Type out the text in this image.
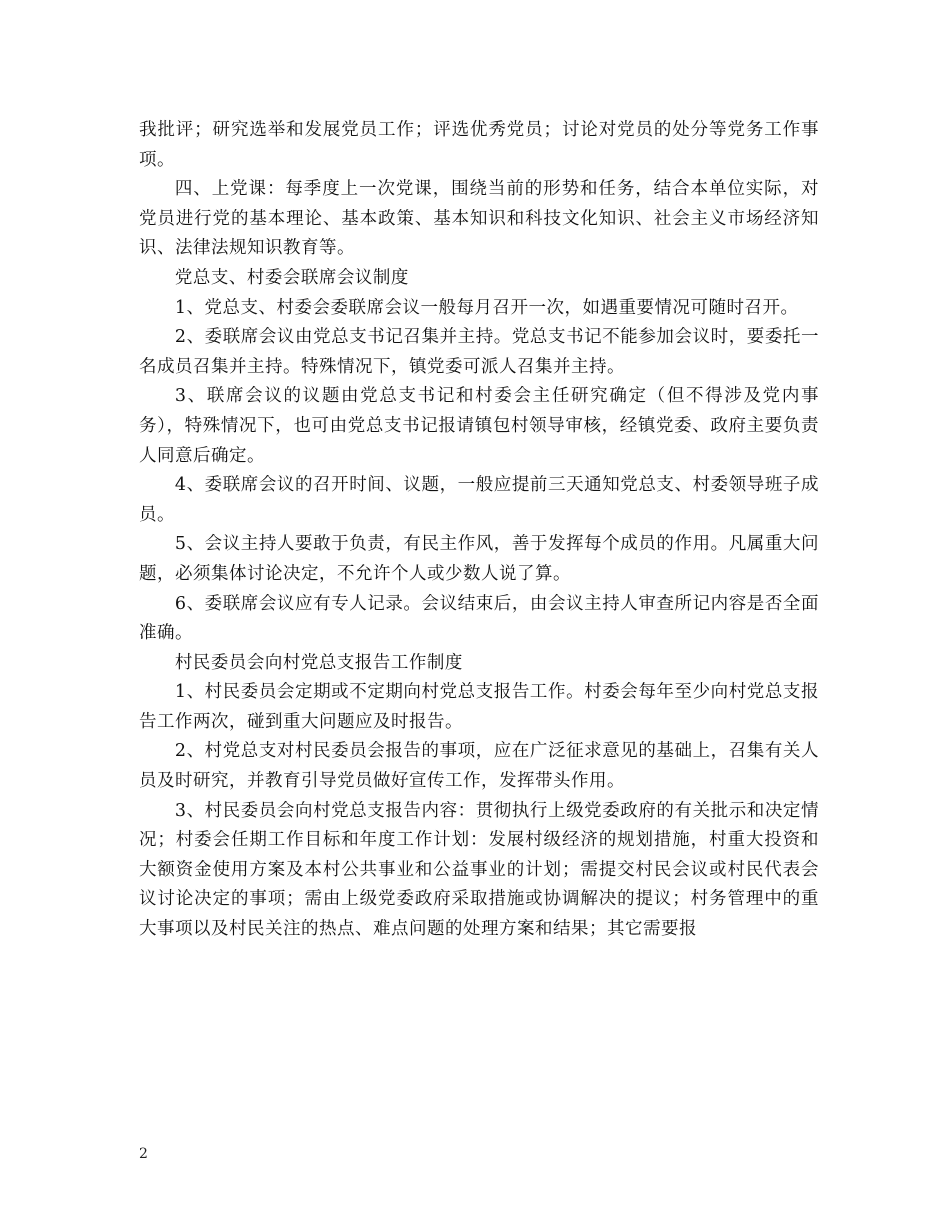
我批评；研究选举和发展党员工作；评选优秀党员；讨论对党员的处分等党务工作事项。

四、上党课：每季度上一次党课，围绕当前的形势和任务，结合本单位实际，对党员进行党的基本理论、基本政策、基本知识和科技文化知识、社会主义市场经济知识、法律法规知识教育等。

党总支、村委会联席会议制度

1、党总支、村委会委联席会议一般每月召开一次，如遇重要情况可随时召开。

2、委联席会议由党总支书记召集并主持。党总支书记不能参加会议时，要委托一名成员召集并主持。特殊情况下，镇党委可派人召集并主持。

3、联席会议的议题由党总支书记和村委会主任研究确定（但不得涉及党内事务），特殊情况下，也可由党总支书记报请镇包村领导审核，经镇党委、政府主要负责人同意后确定。

4、委联席会议的召开时间、议题，一般应提前三天通知党总支、村委领导班子成员。

5、会议主持人要敢于负责，有民主作风，善于发挥每个成员的作用。凡属重大问题，必须集体讨论决定，不允许个人或少数人说了算。

6、委联席会议应有专人记录。会议结束后，由会议主持人审查所记内容是否全面准确。

村民委员会向村党总支报告工作制度

1、村民委员会定期或不定期向村党总支报告工作。村委会每年至少向村党总支报告工作两次，碰到重大问题应及时报告。

2、村党总支对村民委员会报告的事项，应在广泛征求意见的基础上，召集有关人员及时研究，并教育引导党员做好宣传工作，发挥带头作用。

3、村民委员会向村党总支报告内容：贯彻执行上级党委政府的有关批示和决定情况；村委会任期工作目标和年度工作计划：发展村级经济的规划措施，村重大投资和大额资金使用方案及本村公共事业和公益事业的计划；需提交村民会议或村民代表会议讨论决定的事项；需由上级党委政府采取措施或协调解决的提议；村务管理中的重大事项以及村民关注的热点、难点问题的处理方案和结果；其它需要报

2
